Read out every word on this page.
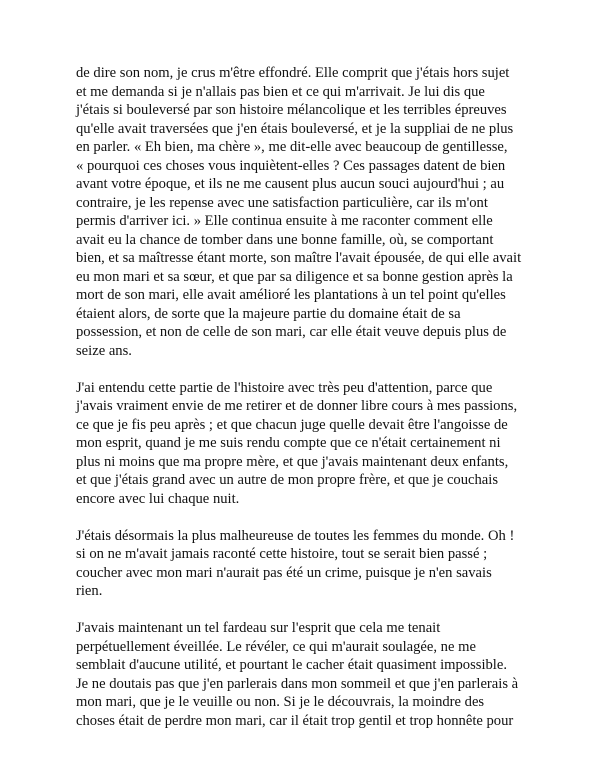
de dire son nom, je crus m'être effondré. Elle comprit que j'étais hors sujet
et me demanda si je n'allais pas bien et ce qui m'arrivait. Je lui dis que
j'étais si bouleversé par son histoire mélancolique et les terribles épreuves
qu'elle avait traversées que j'en étais bouleversé, et je la suppliai de ne plus
en parler. « Eh bien, ma chère », me dit-elle avec beaucoup de gentillesse,
« pourquoi ces choses vous inquiètent-elles ? Ces passages datent de bien
avant votre époque, et ils ne me causent plus aucun souci aujourd'hui ; au
contraire, je les repense avec une satisfaction particulière, car ils m'ont
permis d'arriver ici. » Elle continua ensuite à me raconter comment elle
avait eu la chance de tomber dans une bonne famille, où, se comportant
bien, et sa maîtresse étant morte, son maître l'avait épousée, de qui elle avait
eu mon mari et sa sœur, et que par sa diligence et sa bonne gestion après la
mort de son mari, elle avait amélioré les plantations à un tel point qu'elles
étaient alors, de sorte que la majeure partie du domaine était de sa
possession, et non de celle de son mari, car elle était veuve depuis plus de
seize ans.

J'ai entendu cette partie de l'histoire avec très peu d'attention, parce que
j'avais vraiment envie de me retirer et de donner libre cours à mes passions,
ce que je fis peu après ; et que chacun juge quelle devait être l'angoisse de
mon esprit, quand je me suis rendu compte que ce n'était certainement ni
plus ni moins que ma propre mère, et que j'avais maintenant deux enfants,
et que j'étais grand avec un autre de mon propre frère, et que je couchais
encore avec lui chaque nuit.

J'étais désormais la plus malheureuse de toutes les femmes du monde. Oh !
si on ne m'avait jamais raconté cette histoire, tout se serait bien passé ;
coucher avec mon mari n'aurait pas été un crime, puisque je n'en savais
rien.

J'avais maintenant un tel fardeau sur l'esprit que cela me tenait
perpétuellement éveillée. Le révéler, ce qui m'aurait soulagée, ne me
semblait d'aucune utilité, et pourtant le cacher était quasiment impossible.
Je ne doutais pas que j'en parlerais dans mon sommeil et que j'en parlerais à
mon mari, que je le veuille ou non. Si je le découvrais, la moindre des
choses était de perdre mon mari, car il était trop gentil et trop honnête pour
